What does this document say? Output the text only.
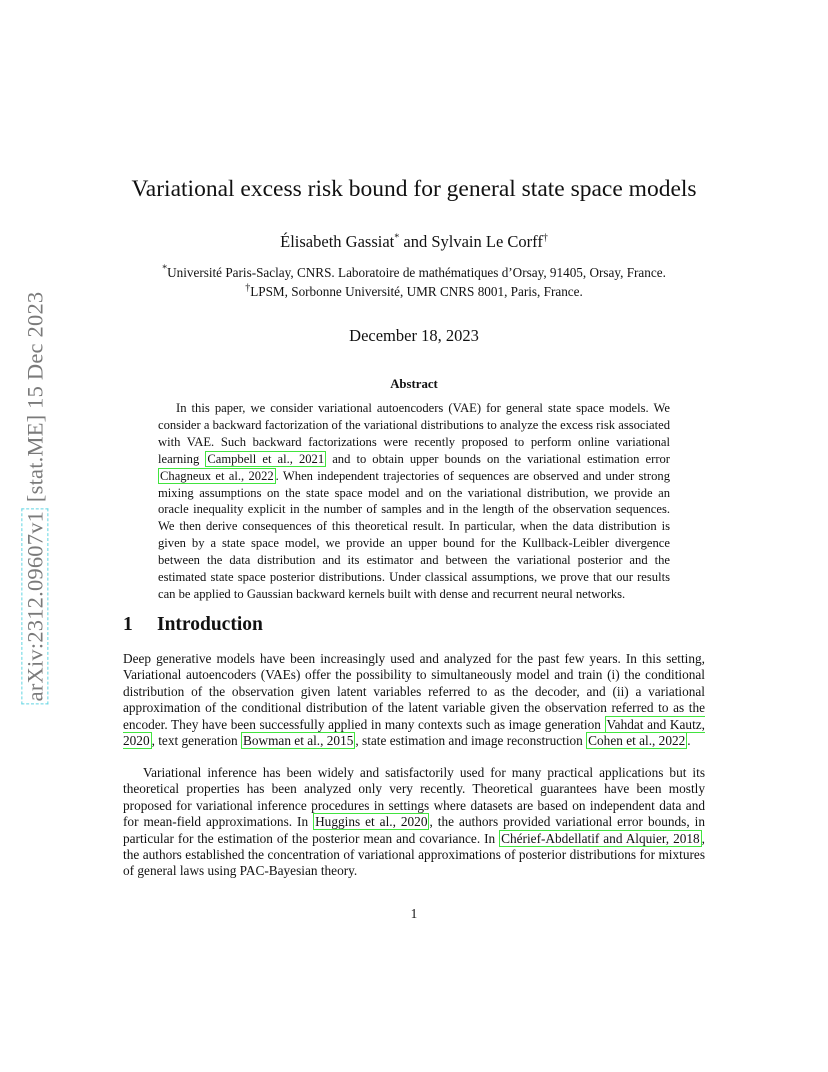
arXiv:2312.09607v1 [stat.ME] 15 Dec 2023
Variational excess risk bound for general state space models
Élisabeth Gassiat* and Sylvain Le Corff†
*Université Paris-Saclay, CNRS. Laboratoire de mathématiques d’Orsay, 91405, Orsay, France.
†LPSM, Sorbonne Université, UMR CNRS 8001, Paris, France.
December 18, 2023
Abstract

In this paper, we consider variational autoencoders (VAE) for general state space models. We consider a backward factorization of the variational distributions to analyze the excess risk associated with VAE. Such backward factorizations were recently proposed to perform online variational learning Campbell et al., 2021 and to obtain upper bounds on the variational estimation error Chagneux et al., 2022 . When independent trajectories of sequences are observed and under strong mixing assumptions on the state space model and on the variational distribution, we provide an oracle inequality explicit in the number of samples and in the length of the observation sequences. We then derive consequences of this theoretical result. In particular, when the data distribution is given by a state space model, we provide an upper bound for the Kullback-Leibler divergence between the data distribution and its estimator and between the variational posterior and the estimated state space posterior distributions. Under classical assumptions, we prove that our results can be applied to Gaussian backward kernels built with dense and recurrent neural networks.

1 Introduction

Deep generative models have been increasingly used and analyzed for the past few years. In this setting, Variational autoencoders (VAEs) offer the possibility to simultaneously model and train (i) the conditional distribution of the observation given latent variables referred to as the decoder, and (ii) a variational approximation of the conditional distribution of the latent variable given the observation referred to as the encoder. They have been successfully applied in many contexts such as image generation Vahdat and Kautz, 2020 , text generation Bowman et al., 2015 , state estimation and image reconstruction Cohen et al., 2022 .

Variational inference has been widely and satisfactorily used for many practical applications but its theoretical properties has been analyzed only very recently. Theoretical guarantees have been mostly proposed for variational inference procedures in settings where datasets are based on independent data and for mean-field approximations. In Huggins et al., 2020 , the authors provided variational error bounds, in particular for the estimation of the posterior mean and covariance. In Chérief-Abdellatif and Alquier, 2018 , the authors established the concentration of variational approximations of posterior distributions for mixtures of general laws using PAC-Bayesian theory.

1
